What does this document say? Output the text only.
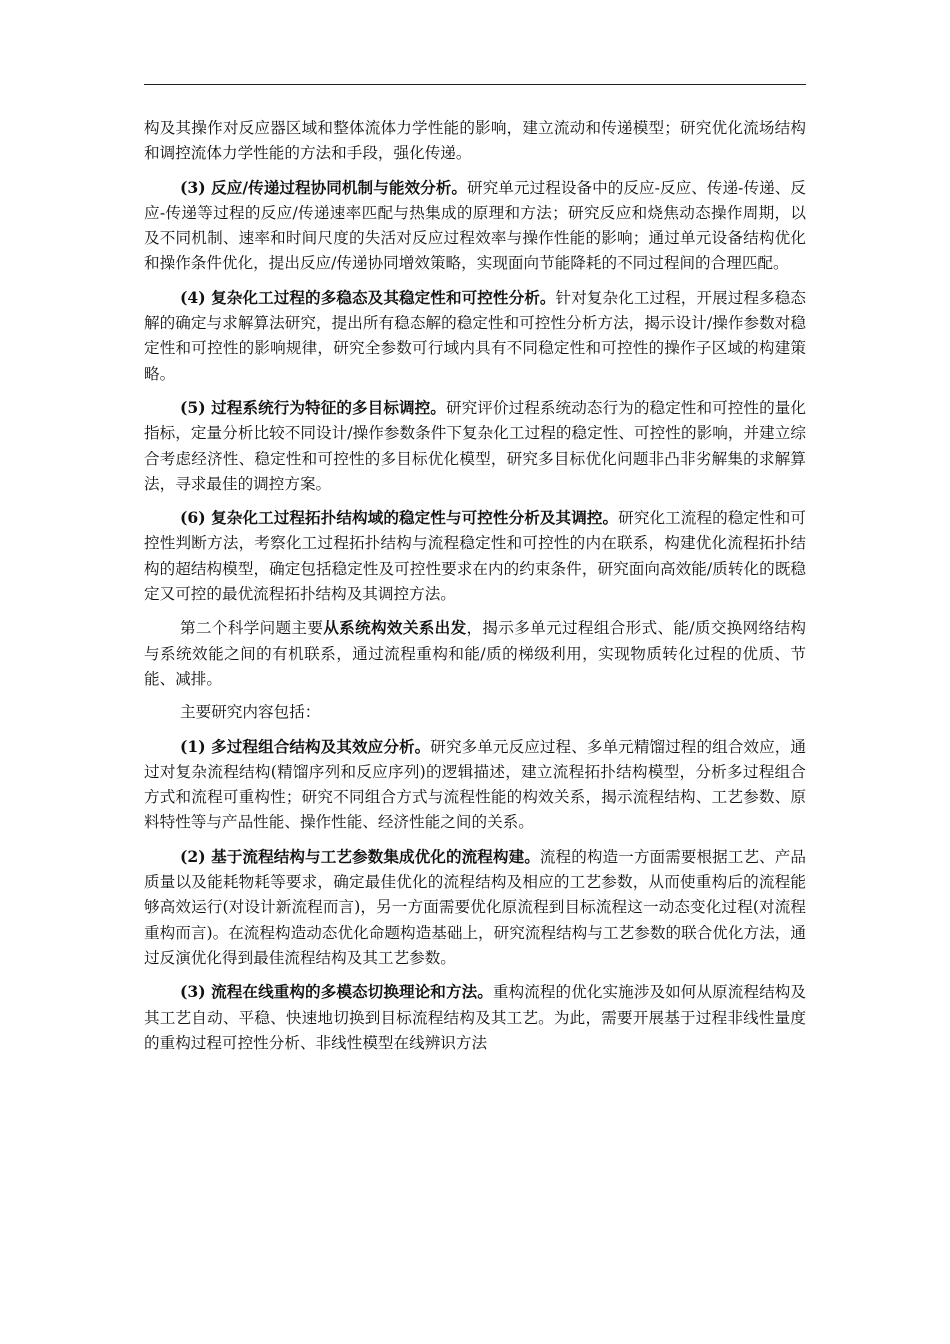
构及其操作对反应器区域和整体流体力学性能的影响，建立流动和传递模型；研究优化流场结构和调控流体力学性能的方法和手段，强化传递。

(3) 反应/传递过程协同机制与能效分析。研究单元过程设备中的反应-反应、传递-传递、反应-传递等过程的反应/传递速率匹配与热集成的原理和方法；研究反应和烧焦动态操作周期，以及不同机制、速率和时间尺度的失活对反应过程效率与操作性能的影响；通过单元设备结构优化和操作条件优化，提出反应/传递协同增效策略，实现面向节能降耗的不同过程间的合理匹配。

(4) 复杂化工过程的多稳态及其稳定性和可控性分析。针对复杂化工过程，开展过程多稳态解的确定与求解算法研究，提出所有稳态解的稳定性和可控性分析方法，揭示设计/操作参数对稳定性和可控性的影响规律，研究全参数可行域内具有不同稳定性和可控性的操作子区域的构建策略。

(5) 过程系统行为特征的多目标调控。研究评价过程系统动态行为的稳定性和可控性的量化指标，定量分析比较不同设计/操作参数条件下复杂化工过程的稳定性、可控性的影响，并建立综合考虑经济性、稳定性和可控性的多目标优化模型，研究多目标优化问题非凸非劣解集的求解算法，寻求最佳的调控方案。

(6) 复杂化工过程拓扑结构域的稳定性与可控性分析及其调控。研究化工流程的稳定性和可控性判断方法，考察化工过程拓扑结构与流程稳定性和可控性的内在联系，构建优化流程拓扑结构的超结构模型，确定包括稳定性及可控性要求在内的约束条件，研究面向高效能/质转化的既稳定又可控的最优流程拓扑结构及其调控方法。

第二个科学问题主要从系统构效关系出发，揭示多单元过程组合形式、能/质交换网络结构与系统效能之间的有机联系，通过流程重构和能/质的梯级利用，实现物质转化过程的优质、节能、减排。

主要研究内容包括：

(1) 多过程组合结构及其效应分析。研究多单元反应过程、多单元精馏过程的组合效应，通过对复杂流程结构(精馏序列和反应序列)的逻辑描述，建立流程拓扑结构模型，分析多过程组合方式和流程可重构性；研究不同组合方式与流程性能的构效关系，揭示流程结构、工艺参数、原料特性等与产品性能、操作性能、经济性能之间的关系。

(2) 基于流程结构与工艺参数集成优化的流程构建。流程的构造一方面需要根据工艺、产品质量以及能耗物耗等要求，确定最佳优化的流程结构及相应的工艺参数，从而使重构后的流程能够高效运行(对设计新流程而言)，另一方面需要优化原流程到目标流程这一动态变化过程(对流程重构而言)。在流程构造动态优化命题构造基础上，研究流程结构与工艺参数的联合优化方法，通过反演优化得到最佳流程结构及其工艺参数。

(3) 流程在线重构的多模态切换理论和方法。重构流程的优化实施涉及如何从原流程结构及其工艺自动、平稳、快速地切换到目标流程结构及其工艺。为此，需要开展基于过程非线性量度的重构过程可控性分析、非线性模型在线辨识方法
